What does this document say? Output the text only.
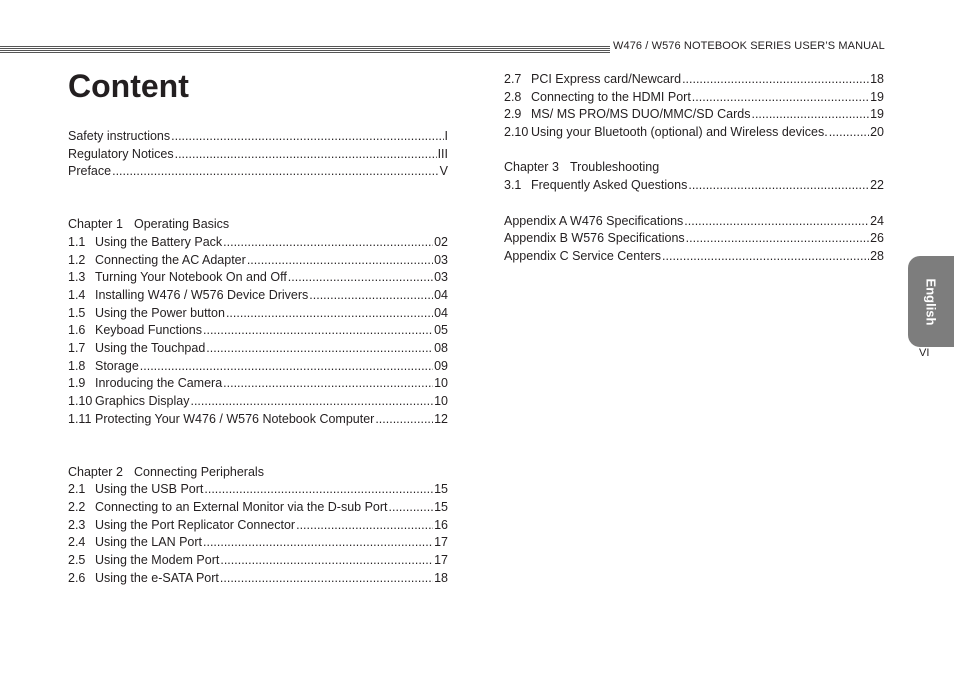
W476 / W576 NOTEBOOK SERIES USER’S MANUAL
Content
Safety instructions .....	I
Regulatory Notices .....	III
Preface .....	V
Chapter 1 Operating Basics
1.1 Using the Battery Pack .....	02
1.2 Connecting the AC Adapter .....	03
1.3 Turning Your Notebook On and Off .....	03
1.4 Installing W476 / W576 Device Drivers .....	04
1.5 Using the Power button .....	04
1.6 Keyboad Functions .....	05
1.7 Using the Touchpad .....	08
1.8 Storage .....	09
1.9 Inroducing the Camera .....	10
1.10 Graphics Display .....	10
1.11 Protecting Your W476 / W576 Notebook Computer .....	12
Chapter 2 Connecting Peripherals
2.1 Using the USB Port .....	15
2.2 Connecting to an External Monitor via the D-sub Port .....	15
2.3 Using the Port Replicator Connector .....	16
2.4 Using the LAN Port .....	17
2.5 Using the Modem Port .....	17
2.6 Using the e-SATA Port .....	18
2.7 PCI Express card/Newcard .....	18
2.8 Connecting to the HDMI Port .....	19
2.9 MS/ MS PRO/MS DUO/MMC/SD Cards .....	19
2.10 Using your Bluetooth (optional) and Wireless devices. .....	20
Chapter 3 Troubleshooting
3.1 Frequently Asked Questions .....	22
Appendix A W476 Specifications .....	24
Appendix B W576 Specifications .....	26
Appendix C Service Centers .....	28
English
VI
